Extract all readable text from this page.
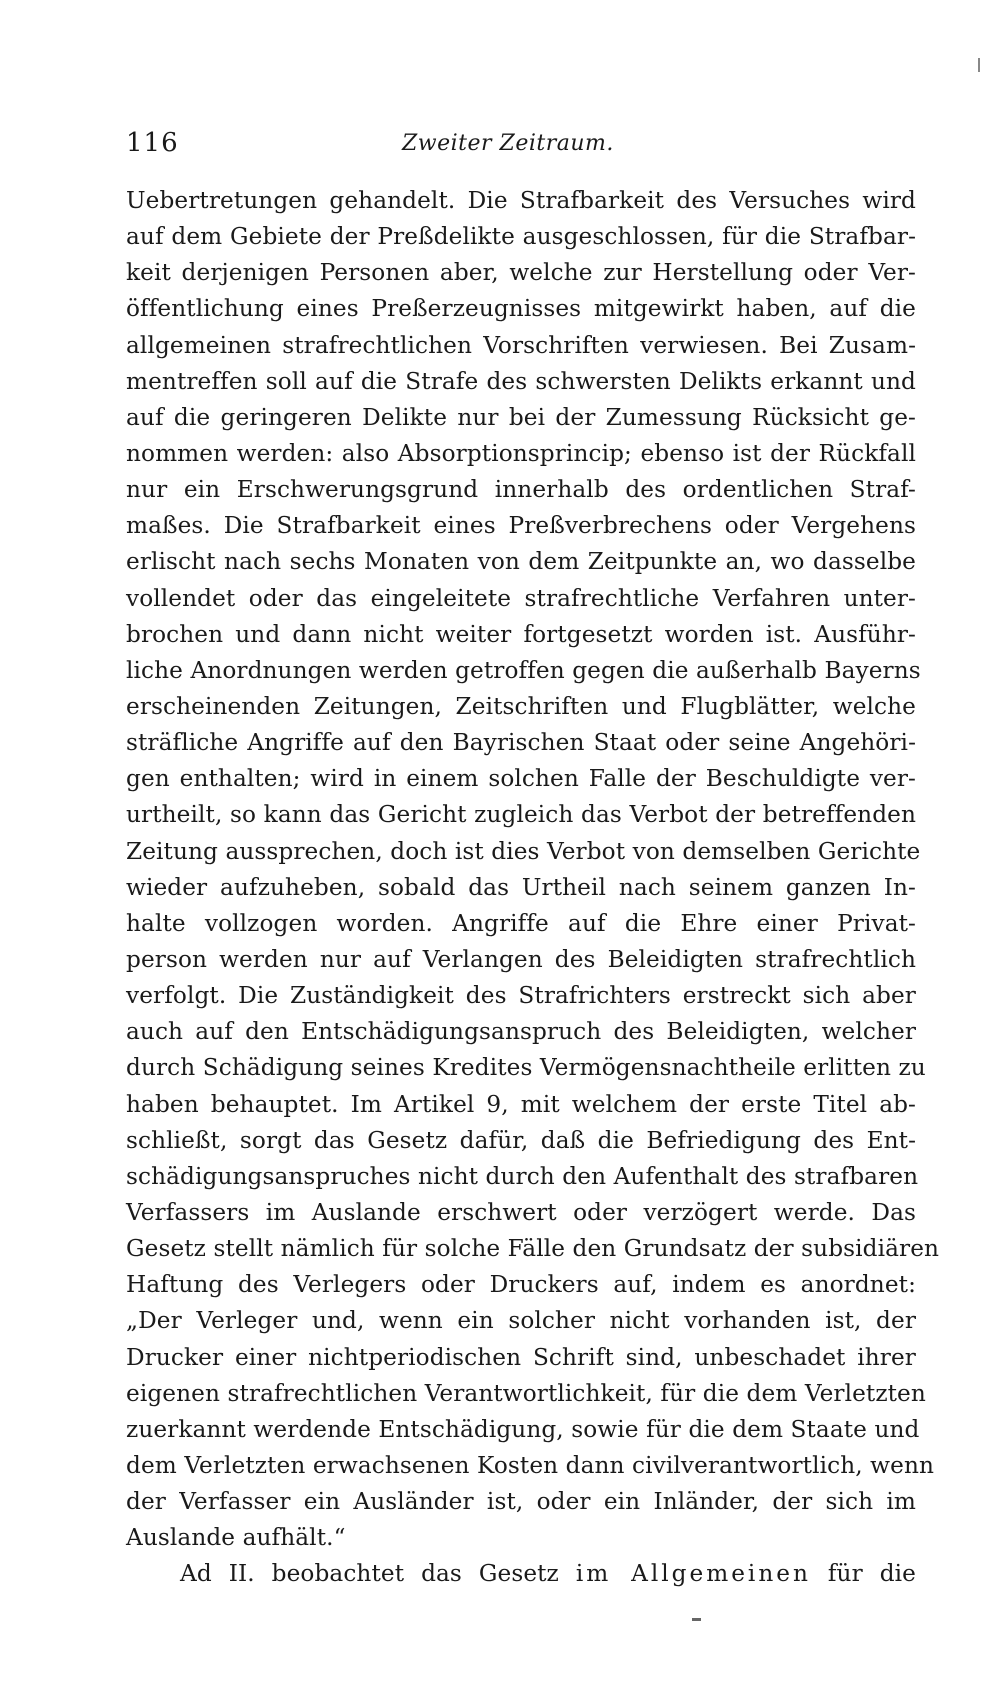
116	Zweiter Zeitraum.
Uebertretungen gehandelt. Die Strafbarkeit des Versuches wird
auf dem Gebiete der Preßdelikte ausgeschlossen, für die Strafbar-
keit derjenigen Personen aber, welche zur Herstellung oder Ver-
öffentlichung eines Preßerzeugnisses mitgewirkt haben, auf die
allgemeinen strafrechtlichen Vorschriften verwiesen. Bei Zusam-
mentreffen soll auf die Strafe des schwersten Delikts erkannt und
auf die geringeren Delikte nur bei der Zumessung Rücksicht ge-
nommen werden: also Absorptionsprincip; ebenso ist der Rückfall
nur ein Erschwerungsgrund innerhalb des ordentlichen Straf-
maßes. Die Strafbarkeit eines Preßverbrechens oder Vergehens
erlischt nach sechs Monaten von dem Zeitpunkte an, wo dasselbe
vollendet oder das eingeleitete strafrechtliche Verfahren unter-
brochen und dann nicht weiter fortgesetzt worden ist. Ausführ-
liche Anordnungen werden getroffen gegen die außerhalb Bayerns
erscheinenden Zeitungen, Zeitschriften und Flugblätter, welche
sträfliche Angriffe auf den Bayrischen Staat oder seine Angehöri-
gen enthalten; wird in einem solchen Falle der Beschuldigte ver-
urtheilt, so kann das Gericht zugleich das Verbot der betreffenden
Zeitung aussprechen, doch ist dies Verbot von demselben Gerichte
wieder aufzuheben, sobald das Urtheil nach seinem ganzen In-
halte vollzogen worden. Angriffe auf die Ehre einer Privat-
person werden nur auf Verlangen des Beleidigten strafrechtlich
verfolgt. Die Zuständigkeit des Strafrichters erstreckt sich aber
auch auf den Entschädigungsanspruch des Beleidigten, welcher
durch Schädigung seines Kredites Vermögensnachtheile erlitten zu
haben behauptet. Im Artikel 9, mit welchem der erste Titel ab-
schließt, sorgt das Gesetz dafür, daß die Befriedigung des Ent-
schädigungsanspruches nicht durch den Aufenthalt des strafbaren
Verfassers im Auslande erschwert oder verzögert werde. Das
Gesetz stellt nämlich für solche Fälle den Grundsatz der subsidiären
Haftung des Verlegers oder Druckers auf, indem es anordnet:
„Der Verleger und, wenn ein solcher nicht vorhanden ist, der
Drucker einer nichtperiodischen Schrift sind, unbeschadet ihrer
eigenen strafrechtlichen Verantwortlichkeit, für die dem Verletzten
zuerkannt werdende Entschädigung, sowie für die dem Staate und
dem Verletzten erwachsenen Kosten dann civilverantwortlich, wenn
der Verfasser ein Ausländer ist, oder ein Inländer, der sich im
Auslande aufhält.“
Ad II. beobachtet das Gesetz im Allgemeinen für die
